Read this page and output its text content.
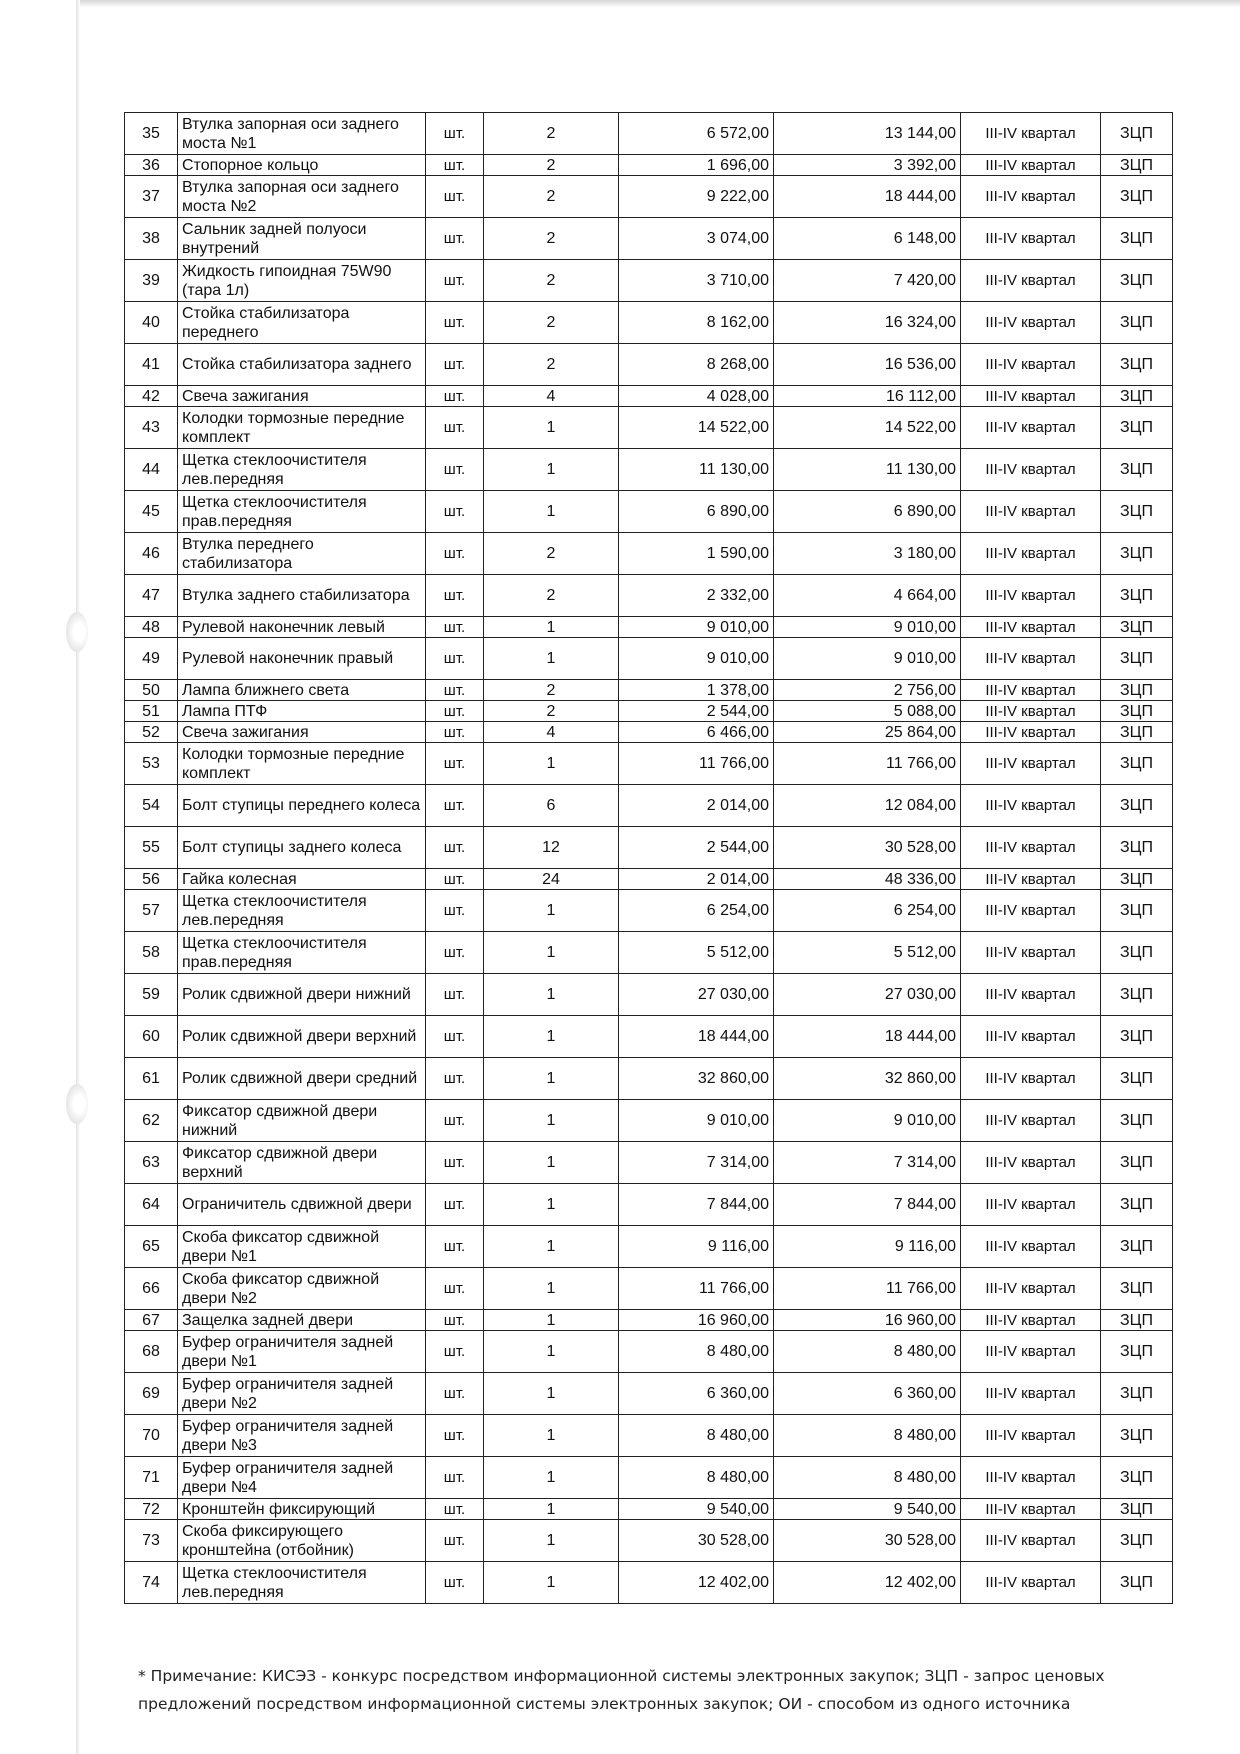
35	Втулка запорная оси заднего моста №1	шт.	2	6 572,00	13 144,00	III-IV квартал	ЗЦП
36	Стопорное кольцо	шт.	2	1 696,00	3 392,00	III-IV квартал	ЗЦП
37	Втулка запорная оси заднего моста №2	шт.	2	9 222,00	18 444,00	III-IV квартал	ЗЦП
38	Сальник задней полуоси внутрений	шт.	2	3 074,00	6 148,00	III-IV квартал	ЗЦП
39	Жидкость гипоидная 75W90 (тара 1л)	шт.	2	3 710,00	7 420,00	III-IV квартал	ЗЦП
40	Стойка стабилизатора переднего	шт.	2	8 162,00	16 324,00	III-IV квартал	ЗЦП
41	Стойка стабилизатора заднего	шт.	2	8 268,00	16 536,00	III-IV квартал	ЗЦП
42	Свеча зажигания	шт.	4	4 028,00	16 112,00	III-IV квартал	ЗЦП
43	Колодки тормозные передние комплект	шт.	1	14 522,00	14 522,00	III-IV квартал	ЗЦП
44	Щетка стеклоочистителя лев.передняя	шт.	1	11 130,00	11 130,00	III-IV квартал	ЗЦП
45	Щетка стеклоочистителя прав.передняя	шт.	1	6 890,00	6 890,00	III-IV квартал	ЗЦП
46	Втулка переднего стабилизатора	шт.	2	1 590,00	3 180,00	III-IV квартал	ЗЦП
47	Втулка заднего стабилизатора	шт.	2	2 332,00	4 664,00	III-IV квартал	ЗЦП
48	Рулевой наконечник левый	шт.	1	9 010,00	9 010,00	III-IV квартал	ЗЦП
49	Рулевой наконечник правый	шт.	1	9 010,00	9 010,00	III-IV квартал	ЗЦП
50	Лампа ближнего света	шт.	2	1 378,00	2 756,00	III-IV квартал	ЗЦП
51	Лампа ПТФ	шт.	2	2 544,00	5 088,00	III-IV квартал	ЗЦП
52	Свеча зажигания	шт.	4	6 466,00	25 864,00	III-IV квартал	ЗЦП
53	Колодки тормозные передние комплект	шт.	1	11 766,00	11 766,00	III-IV квартал	ЗЦП
54	Болт ступицы переднего колеса	шт.	6	2 014,00	12 084,00	III-IV квартал	ЗЦП
55	Болт ступицы заднего колеса	шт.	12	2 544,00	30 528,00	III-IV квартал	ЗЦП
56	Гайка колесная	шт.	24	2 014,00	48 336,00	III-IV квартал	ЗЦП
57	Щетка стеклоочистителя лев.передняя	шт.	1	6 254,00	6 254,00	III-IV квартал	ЗЦП
58	Щетка стеклоочистителя прав.передняя	шт.	1	5 512,00	5 512,00	III-IV квартал	ЗЦП
59	Ролик сдвижной двери нижний	шт.	1	27 030,00	27 030,00	III-IV квартал	ЗЦП
60	Ролик сдвижной двери верхний	шт.	1	18 444,00	18 444,00	III-IV квартал	ЗЦП
61	Ролик сдвижной двери средний	шт.	1	32 860,00	32 860,00	III-IV квартал	ЗЦП
62	Фиксатор сдвижной двери нижний	шт.	1	9 010,00	9 010,00	III-IV квартал	ЗЦП
63	Фиксатор сдвижной двери верхний	шт.	1	7 314,00	7 314,00	III-IV квартал	ЗЦП
64	Ограничитель сдвижной двери	шт.	1	7 844,00	7 844,00	III-IV квартал	ЗЦП
65	Скоба фиксатор сдвижной двери №1	шт.	1	9 116,00	9 116,00	III-IV квартал	ЗЦП
66	Скоба фиксатор сдвижной двери №2	шт.	1	11 766,00	11 766,00	III-IV квартал	ЗЦП
67	Защелка задней двери	шт.	1	16 960,00	16 960,00	III-IV квартал	ЗЦП
68	Буфер ограничителя задней двери №1	шт.	1	8 480,00	8 480,00	III-IV квартал	ЗЦП
69	Буфер ограничителя задней двери №2	шт.	1	6 360,00	6 360,00	III-IV квартал	ЗЦП
70	Буфер ограничителя задней двери №3	шт.	1	8 480,00	8 480,00	III-IV квартал	ЗЦП
71	Буфер ограничителя задней двери №4	шт.	1	8 480,00	8 480,00	III-IV квартал	ЗЦП
72	Кронштейн фиксирующий	шт.	1	9 540,00	9 540,00	III-IV квартал	ЗЦП
73	Скоба фиксирующего кронштейна (отбойник)	шт.	1	30 528,00	30 528,00	III-IV квартал	ЗЦП
74	Щетка стеклоочистителя лев.передняя	шт.	1	12 402,00	12 402,00	III-IV квартал	ЗЦП
* Примечание: КИСЭЗ - конкурс посредством информационной системы электронных закупок; ЗЦП - запрос ценовых предложений посредством информационной системы электронных закупок; ОИ - способом из одного источника
